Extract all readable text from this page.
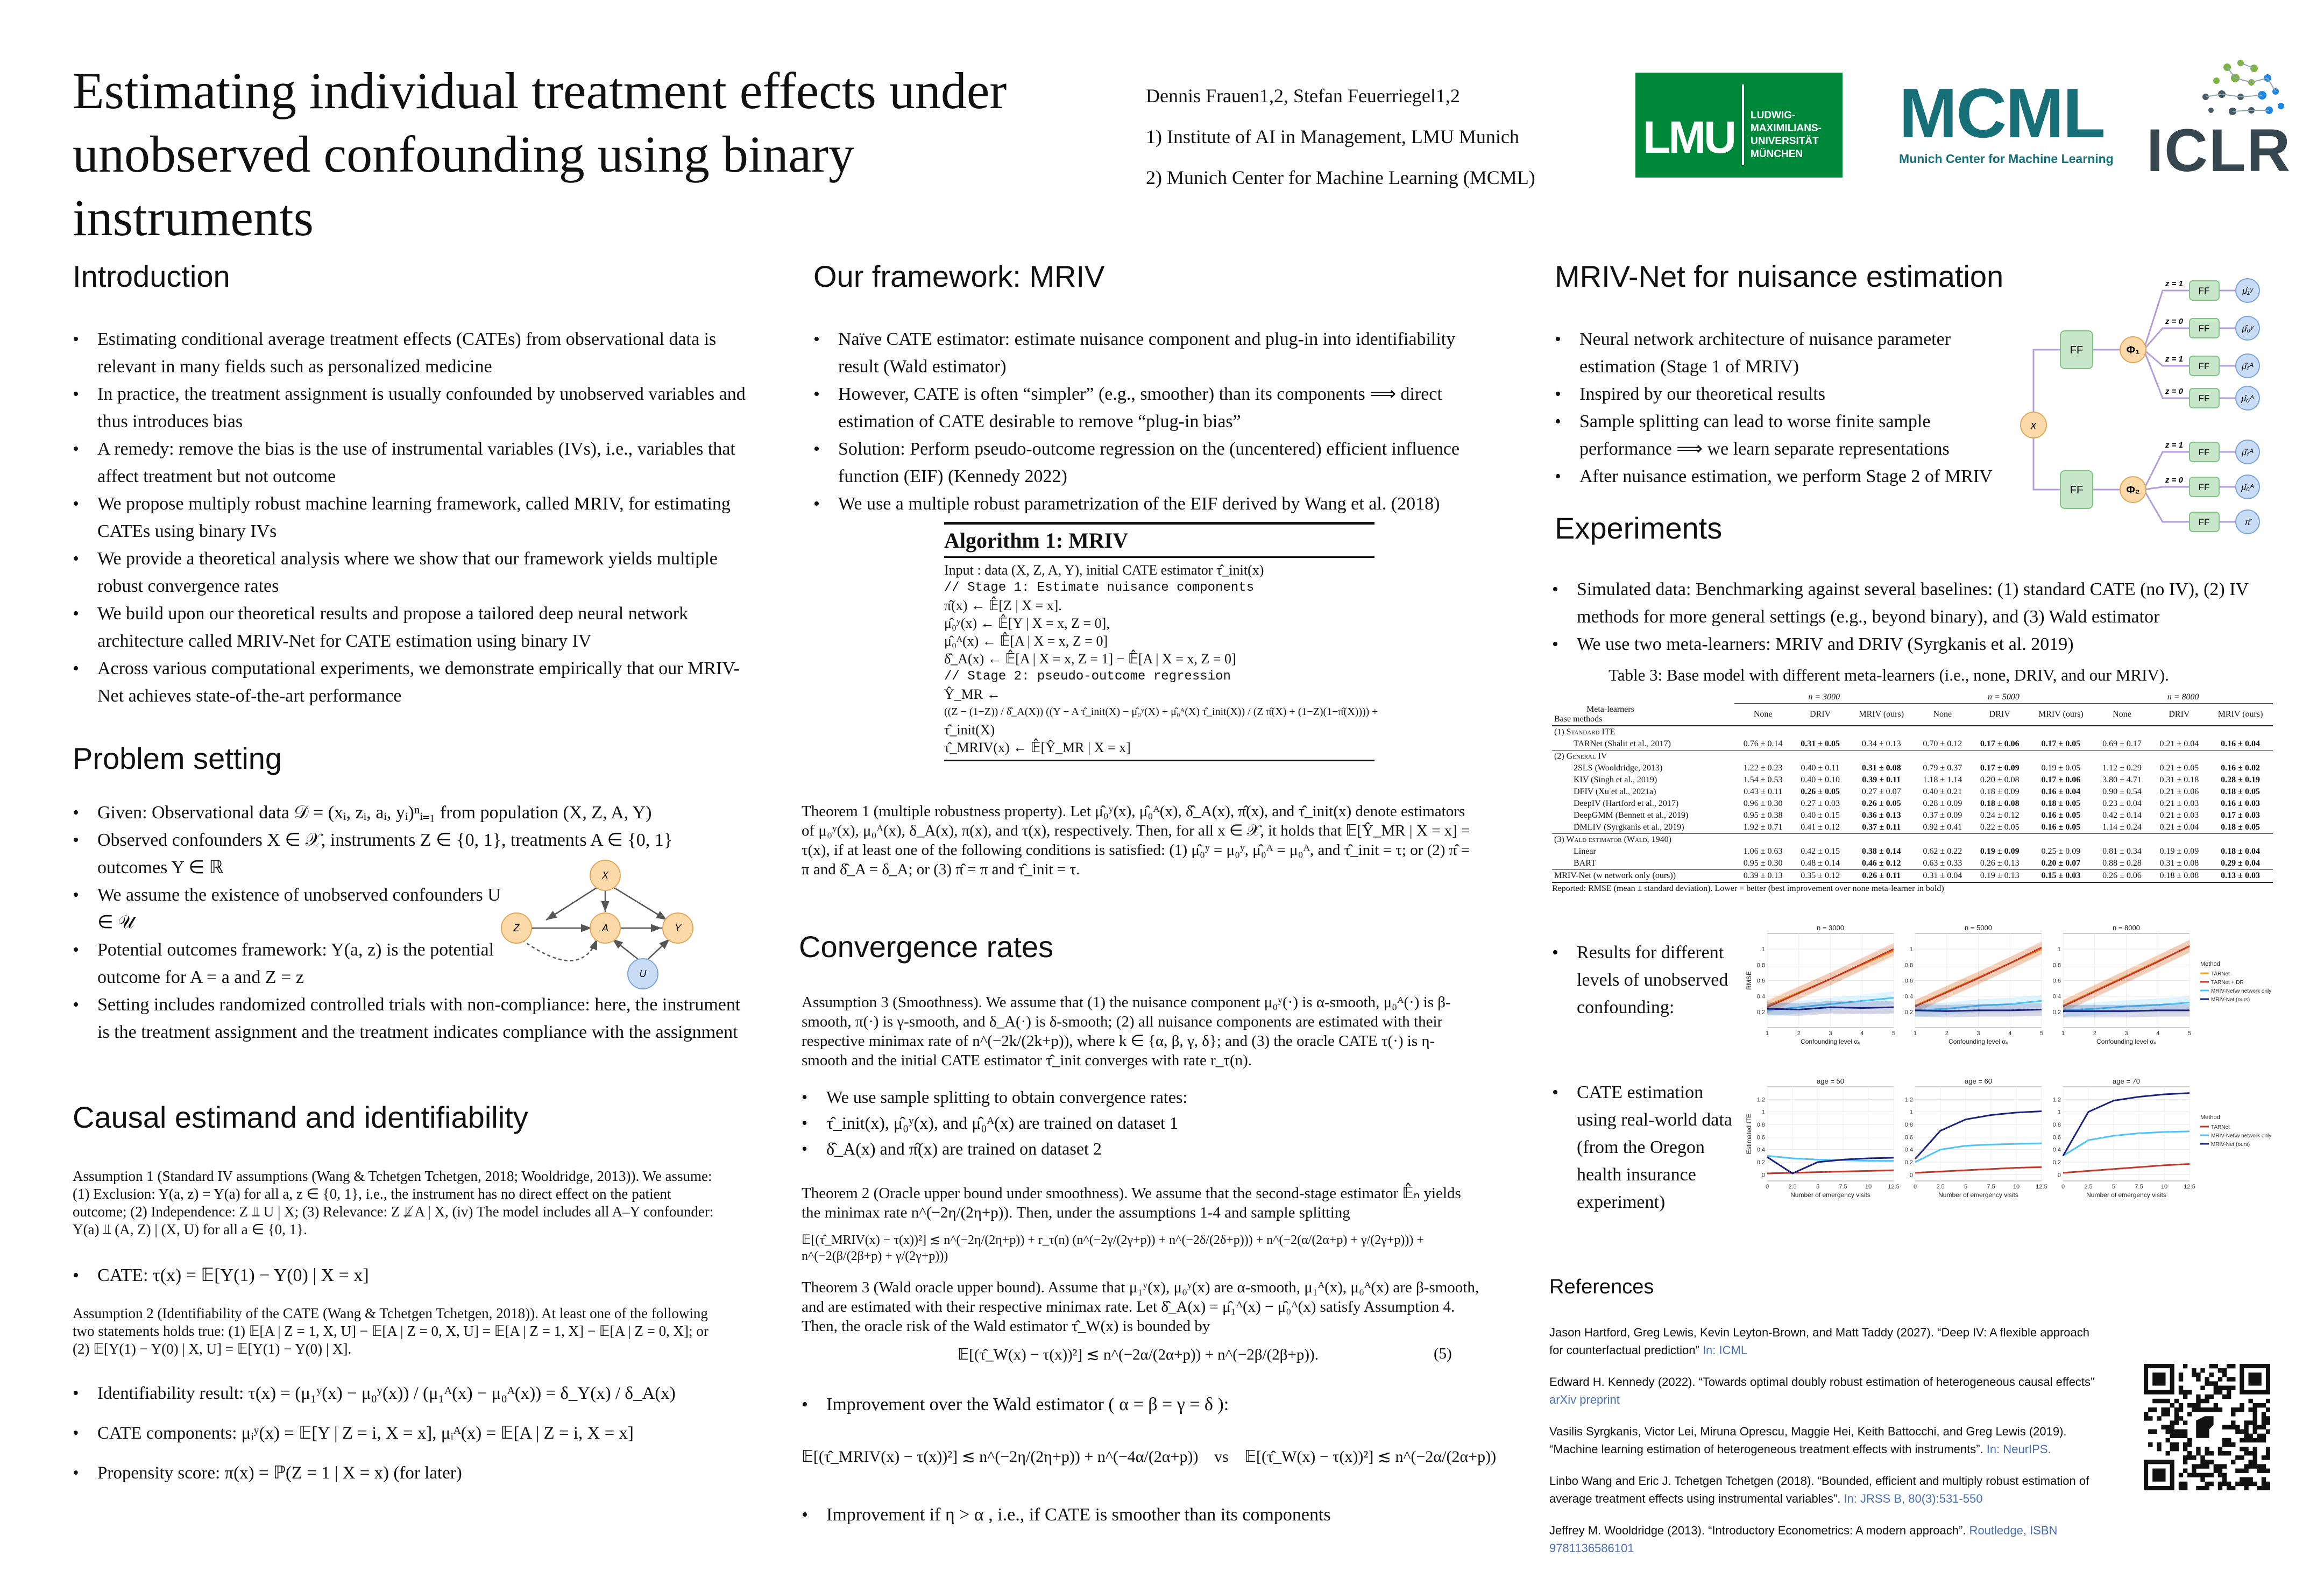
Estimating individual treatment effects under
unobserved confounding using binary instruments
Dennis Frauen1,2, Stefan Feuerriegel1,2
1) Institute of AI in Management, LMU Munich
2) Munich Center for Machine Learning (MCML)
LMU LUDWIG-
MAXIMILIANS-
UNIVERSITÄT
MÜNCHEN
MCML
Munich Center for Machine Learning ICLR
Introduction
• Estimating conditional average treatment effects (CATEs) from observational data is relevant in many fields such as personalized medicine
• In practice, the treatment assignment is usually confounded by unobserved variables and thus introduces bias
• A remedy: remove the bias is the use of instrumental variables (IVs), i.e., variables that affect treatment but not outcome
• We propose multiply robust machine learning framework, called MRIV, for estimating CATEs using binary IVs
• We provide a theoretical analysis where we show that our framework yields multiple robust convergence rates
• We build upon our theoretical results and propose a tailored deep neural network architecture called MRIV-Net for CATE estimation using binary IV
• Across various computational experiments, we demonstrate empirically that our MRIV-Net achieves state-of-the-art performance
Problem setting
• Given: Observational data 𝒟 = (xᵢ, zᵢ, aᵢ, yᵢ)ⁿᵢ₌₁ from population (X, Z, A, Y)
• Observed confounders X ∈ 𝒳, instruments Z ∈ {0, 1}, treatments A ∈ {0, 1} outcomes Y ∈ ℝ
• We assume the existence of unobserved confounders U ∈ 𝒰
• Potential outcomes framework: Y(a, z) is the potential outcome for A = a and Z = z
• Setting includes randomized controlled trials with non-compliance: here, the instrument is the treatment assignment and the treatment indicates compliance with the assignment
X
Z	A	Y
U
Causal estimand and identifiability
Assumption 1 (Standard IV assumptions (Wang & Tchetgen Tchetgen, 2018; Wooldridge, 2013)). We assume: (1) Exclusion: Y(a, z) = Y(a) for all a, z ∈ {0, 1}, i.e., the instrument has no direct effect on the patient outcome; (2) Independence: Z ⫫ U | X; (3) Relevance: Z ⫫̸ A | X, (iv) The model includes all A–Y confounder: Y(a) ⫫ (A, Z) | (X, U) for all a ∈ {0, 1}.
• CATE: τ(x) = 𝔼[Y(1) − Y(0) | X = x]
Assumption 2 (Identifiability of the CATE (Wang & Tchetgen Tchetgen, 2018)). At least one of the following two statements holds true: (1) 𝔼[A | Z = 1, X, U] − 𝔼[A | Z = 0, X, U] = 𝔼[A | Z = 1, X] − 𝔼[A | Z = 0, X]; or (2) 𝔼[Y(1) − Y(0) | X, U] = 𝔼[Y(1) − Y(0) | X].
• Identifiability result: τ(x) = (μ₁ʸ(x) − μ₀ʸ(x)) / (μ₁ᴬ(x) − μ₀ᴬ(x)) = δ_Y(x) / δ_A(x)
• CATE components: μᵢʸ(x) = 𝔼[Y | Z = i, X = x], μᵢᴬ(x) = 𝔼[A | Z = i, X = x]
• Propensity score: π(x) = ℙ(Z = 1 | X = x) (for later)
Our framework: MRIV
• Naïve CATE estimator: estimate nuisance component and plug-in into identifiability result (Wald estimator)
• However, CATE is often “simpler” (e.g., smoother) than its components ⟹ direct estimation of CATE desirable to remove “plug-in bias”
• Solution: Perform pseudo-outcome regression on the (uncentered) efficient influence function (EIF) (Kennedy 2022)
• We use a multiple robust parametrization of the EIF derived by Wang et al. (2018)
Algorithm 1: MRIV
Input : data (X, Z, A, Y), initial CATE estimator τ̂_init(x)
// Stage 1: Estimate nuisance components
π̂(x) ← 𝔼̂[Z | X = x].
μ̂₀ʸ(x) ← 𝔼̂[Y | X = x, Z = 0],
μ̂₀ᴬ(x) ← 𝔼̂[A | X = x, Z = 0]
δ̂_A(x) ← 𝔼̂[A | X = x, Z = 1] − 𝔼̂[A | X = x, Z = 0]
// Stage 2: pseudo-outcome regression
Ŷ_MR ←
((Z − (1−Z)) / δ̂_A(X)) ((Y − A τ̂_init(X) − μ̂₀ʸ(X) + μ̂₀ᴬ(X) τ̂_init(X)) / (Z π̂(X) + (1−Z)(1−π̂(X)))) +
τ̂_init(X)
τ̂_MRIV(x) ← 𝔼̂[Ŷ_MR | X = x]
Theorem 1 (multiple robustness property). Let μ̂₀ʸ(x), μ̂₀ᴬ(x), δ̂_A(x), π̂(x), and τ̂_init(x) denote estimators of μ₀ʸ(x), μ₀ᴬ(x), δ_A(x), π(x), and τ(x), respectively. Then, for all x ∈ 𝒳, it holds that 𝔼[Ŷ_MR | X = x] = τ(x), if at least one of the following conditions is satisfied: (1) μ̂₀ʸ = μ₀ʸ, μ̂₀ᴬ = μ₀ᴬ, and τ̂_init = τ; or (2) π̂ = π and δ̂_A = δ_A; or (3) π̂ = π and τ̂_init = τ.
Convergence rates
Assumption 3 (Smoothness). We assume that (1) the nuisance component μ₀ʸ(·) is α-smooth, μ₀ᴬ(·) is β-smooth, π(·) is γ-smooth, and δ_A(·) is δ-smooth; (2) all nuisance components are estimated with their respective minimax rate of n^(−2k/(2k+p)), where k ∈ {α, β, γ, δ}; and (3) the oracle CATE τ(·) is η-smooth and the initial CATE estimator τ̂_init converges with rate r_τ(n).
• We use sample splitting to obtain convergence rates:
• τ̂_init(x), μ̂₀ʸ(x), and μ̂₀ᴬ(x) are trained on dataset 1
• δ̂_A(x) and π̂(x) are trained on dataset 2
Theorem 2 (Oracle upper bound under smoothness). We assume that the second-stage estimator 𝔼̂ₙ yields the minimax rate n^(−2η/(2η+p)). Then, under the assumptions 1-4 and sample splitting
𝔼[(τ̂_MRIV(x) − τ(x))²] ≲ n^(−2η/(2η+p)) + r_τ(n) (n^(−2γ/(2γ+p)) + n^(−2δ/(2δ+p))) + n^(−2(α/(2α+p) + γ/(2γ+p))) + n^(−2(β/(2β+p) + γ/(2γ+p)))
Theorem 3 (Wald oracle upper bound). Assume that μ₁ʸ(x), μ₀ʸ(x) are α-smooth, μ₁ᴬ(x), μ₀ᴬ(x) are β-smooth, and are estimated with their respective minimax rate. Let δ̂_A(x) = μ̂₁ᴬ(x) − μ̂₀ᴬ(x) satisfy Assumption 4. Then, the oracle risk of the Wald estimator τ̂_W(x) is bounded by
𝔼[(τ̂_W(x) − τ(x))²] ≲ n^(−2α/(2α+p)) + n^(−2β/(2β+p)).	(5)
• Improvement over the Wald estimator ( α = β = γ = δ ):
𝔼[(τ̂_MRIV(x) − τ(x))²] ≲ n^(−2η/(2η+p)) + n^(−4α/(2α+p)) vs 𝔼[(τ̂_W(x) − τ(x))²] ≲ n^(−2α/(2α+p))
• Improvement if η > α , i.e., if CATE is smoother than its components
MRIV-Net for nuisance estimation
• Neural network architecture of nuisance parameter estimation (Stage 1 of MRIV)
• Inspired by our theoretical results
• Sample splitting can lead to worse finite sample performance ⟹ we learn separate representations
• After nuisance estimation, we perform Stage 2 of MRIV
x
FF
FF
Φ₁
Φ₂
z = 1
z = 0
z = 1
z = 0
z = 1
z = 0
FF
FF
FF
FF
FF
FF
FF
μ̂₁ʸ
μ̂₀ʸ
μ̂₁ᴬ
μ̂₀ᴬ
μ̂₁ᴬ
μ̂₀ᴬ
π̂
Experiments
• Simulated data: Benchmarking against several baselines: (1) standard CATE (no IV), (2) IV methods for more general settings (e.g., beyond binary), and (3) Wald estimator
• We use two meta-learners: MRIV and DRIV (Syrgkanis et al. 2019)
Table 3: Base model with different meta-learners (i.e., none, DRIV, and our MRIV).
	n = 3000			n = 5000			n = 8000		

Meta-learners
Base methods	None	DRIV	MRIV (ours)	None	DRIV	MRIV (ours)	None	DRIV	MRIV (ours)
(1) Standard ITE									
TARNet (Shalit et al., 2017)	0.76 ± 0.14	0.31 ± 0.05	0.34 ± 0.13	0.70 ± 0.12	0.17 ± 0.06	0.17 ± 0.05	0.69 ± 0.17	0.21 ± 0.04	0.16 ± 0.04
(2) General IV									
2SLS (Wooldridge, 2013)	1.22 ± 0.23	0.40 ± 0.11	0.31 ± 0.08	0.79 ± 0.37	0.17 ± 0.09	0.19 ± 0.05	1.12 ± 0.29	0.21 ± 0.05	0.16 ± 0.02
KIV (Singh et al., 2019)	1.54 ± 0.53	0.40 ± 0.10	0.39 ± 0.11	1.18 ± 1.14	0.20 ± 0.08	0.17 ± 0.06	3.80 ± 4.71	0.31 ± 0.18	0.28 ± 0.19
DFIV (Xu et al., 2021a)	0.43 ± 0.11	0.26 ± 0.05	0.27 ± 0.07	0.40 ± 0.21	0.18 ± 0.09	0.16 ± 0.04	0.90 ± 0.54	0.21 ± 0.06	0.18 ± 0.05
DeepIV (Hartford et al., 2017)	0.96 ± 0.30	0.27 ± 0.03	0.26 ± 0.05	0.28 ± 0.09	0.18 ± 0.08	0.18 ± 0.05	0.23 ± 0.04	0.21 ± 0.03	0.16 ± 0.03
DeepGMM (Bennett et al., 2019)	0.95 ± 0.38	0.40 ± 0.15	0.36 ± 0.13	0.37 ± 0.09	0.24 ± 0.12	0.16 ± 0.05	0.42 ± 0.14	0.21 ± 0.03	0.17 ± 0.03
DMLIV (Syrgkanis et al., 2019)	1.92 ± 0.71	0.41 ± 0.12	0.37 ± 0.11	0.92 ± 0.41	0.22 ± 0.05	0.16 ± 0.05	1.14 ± 0.24	0.21 ± 0.04	0.18 ± 0.05
(3) Wald estimator (Wald, 1940)									
Linear	1.06 ± 0.63	0.42 ± 0.15	0.38 ± 0.14	0.62 ± 0.22	0.19 ± 0.09	0.25 ± 0.09	0.81 ± 0.34	0.19 ± 0.09	0.18 ± 0.04
BART	0.95 ± 0.30	0.48 ± 0.14	0.46 ± 0.12	0.63 ± 0.33	0.26 ± 0.13	0.20 ± 0.07	0.88 ± 0.28	0.31 ± 0.08	0.29 ± 0.04
MRIV-Net (w network only (ours))	0.39 ± 0.13	0.35 ± 0.12	0.26 ± 0.11	0.31 ± 0.04	0.19 ± 0.13	0.15 ± 0.03	0.26 ± 0.06	0.18 ± 0.08	0.13 ± 0.03
Reported: RMSE (mean ± standard deviation). Lower = better (best improvement over none meta-learner in bold)
• Results for different levels of unobserved confounding:
• CATE estimation using real-world data (from the Oregon health insurance experiment)
0.2
0.4
0.6
0.8
1
1	2	3	4	5
n = 3000
Confounding level αᵤ
RMSE
0.2
0.4
0.6
0.8
1
1	2	3	4	5
n = 5000
Confounding level αᵤ
0.2
0.4
0.6
0.8
1
1	2	3	4	5
n = 8000
Confounding level αᵤ
Method
TARNet
TARNet + DR
MRIV-Net\w network only
MRIV-Net (ours)
0
0.2
0.4
0.6
0.8
1
1.2
0	2.5	5	7.5	10	12.5
age = 50
Number of emergency visits
Estimated ITE
0
0.2
0.4
0.6
0.8
1
1.2
0	2.5	5	7.5	10	12.5
age = 60
Number of emergency visits
0
0.2
0.4
0.6
0.8
1
1.2
0	2.5	5	7.5	10	12.5
age = 70
Number of emergency visits
Method
TARNet
MRIV-Net\w network only
MRIV-Net (ours)
References
Jason Hartford, Greg Lewis, Kevin Leyton-Brown, and Matt Taddy (2027). “Deep IV: A flexible approach for counterfactual prediction” In: ICML
Edward H. Kennedy (2022). “Towards optimal doubly robust estimation of heterogeneous causal effects” arXiv preprint
Vasilis Syrgkanis, Victor Lei, Miruna Oprescu, Maggie Hei, Keith Battocchi, and Greg Lewis (2019). “Machine learning estimation of heterogeneous treatment effects with instruments”. In: NeurIPS.
Linbo Wang and Eric J. Tchetgen Tchetgen (2018). “Bounded, efficient and multiply robust estimation of average treatment effects using instrumental variables”. In: JRSS B, 80(3):531-550
Jeffrey M. Wooldridge (2013). “Introductory Econometrics: A modern approach”. Routledge, ISBN 9781136586101
